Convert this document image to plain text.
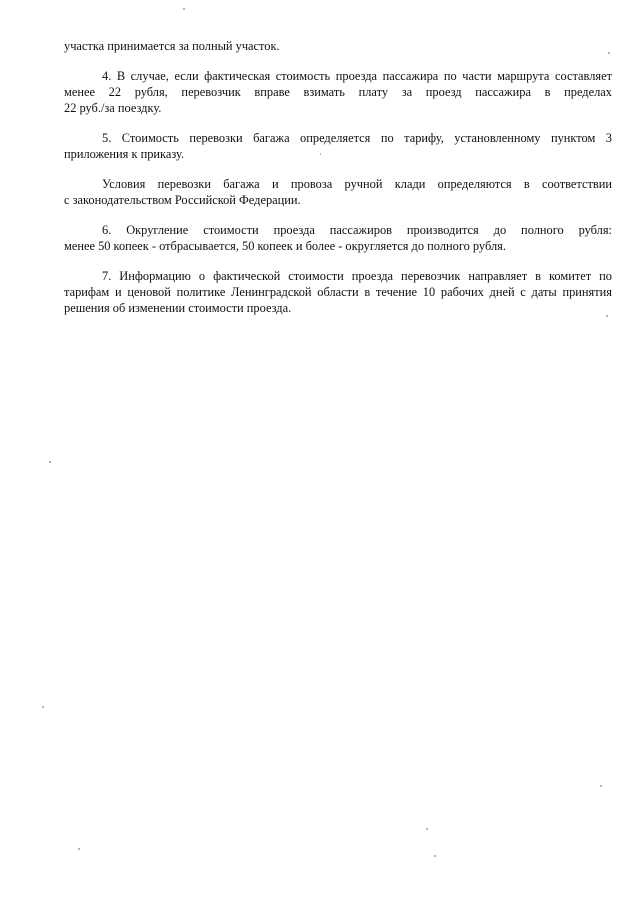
участка принимается за полный участок.

4. В случае, если фактическая стоимость проезда пассажира по части маршрута составляет
менее 22 рубля, перевозчик вправе взимать плату за проезд пассажира в пределах
22 руб./за поездку.

5. Стоимость перевозки багажа определяется по тарифу, установленному пунктом 3
приложения к приказу.

Условия перевозки багажа и провоза ручной клади определяются в соответствии
с законодательством Российской Федерации.

6. Округление стоимости проезда пассажиров производится до полного рубля:
менее 50 копеек - отбрасывается, 50 копеек и более - округляется до полного рубля.

7. Информацию о фактической стоимости проезда перевозчик направляет в комитет по
тарифам и ценовой политике Ленинградской области в течение 10 рабочих дней с даты принятия
решения об изменении стоимости проезда.
